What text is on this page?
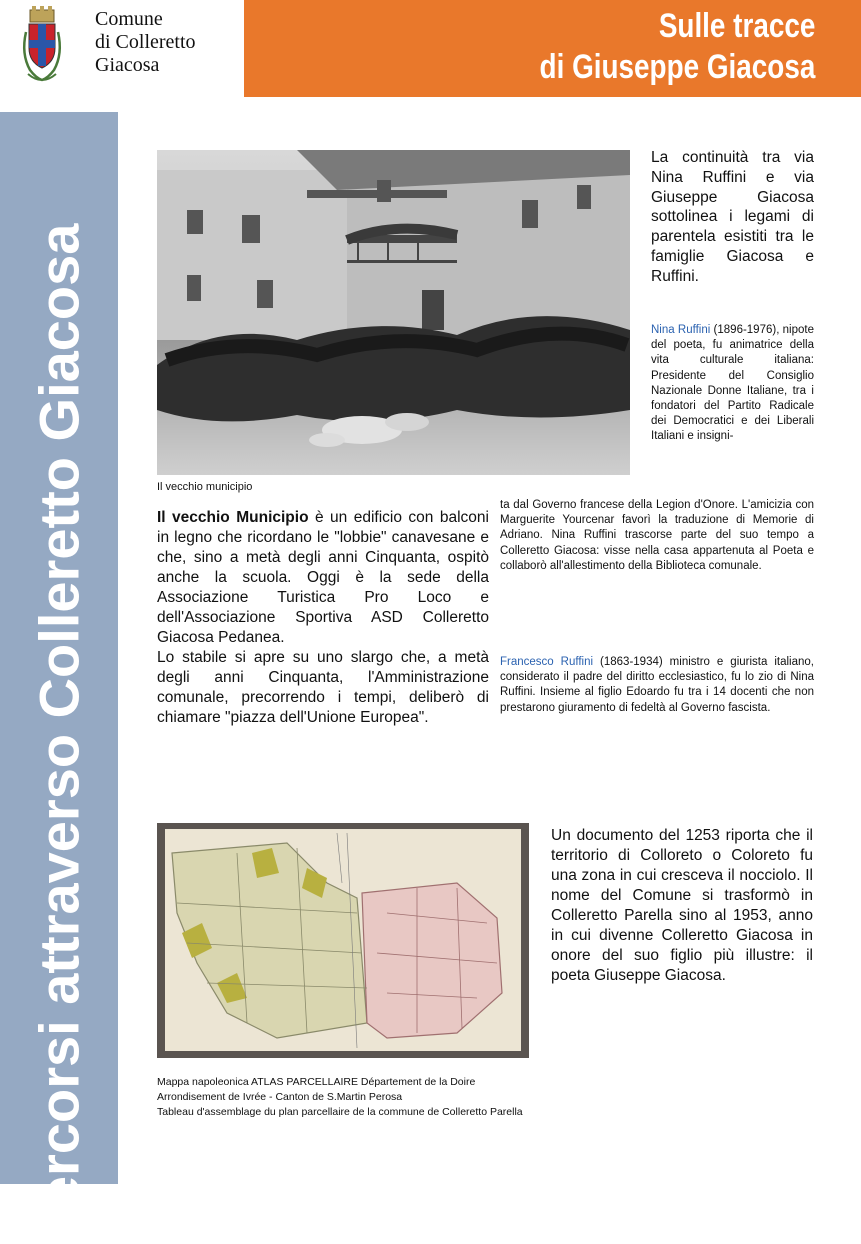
Comune
di Colleretto
Giacosa
Sulle tracce
di Giuseppe Giacosa
Percorsi attraverso Colleretto Giacosa	Il vecchio municipio
La continuità tra via Nina Ruffini e via Giuseppe Giacosa sottolinea i legami di parentela esistiti tra le famiglie Giacosa e Ruffini.
Nina Ruffini (1896-1976), nipote del poeta, fu animatrice della vita culturale italiana: Presidente del Consiglio Nazionale Donne Italiane, tra i fondatori del Partito Radicale dei Democratici e dei Liberali Italiani e insigni-
ta dal Governo francese della Legion d'Onore. L'amicizia con Marguerite Yourcenar favorì la traduzione di Memorie di Adriano. Nina Ruffini trascorse parte del suo tempo a Colleretto Giacosa: visse nella casa appartenuta al Poeta e collaborò all'allestimento della Biblioteca comunale.
Francesco Ruffini (1863-1934) ministro e giurista italiano, considerato il padre del diritto ecclesiastico, fu lo zio di Nina Ruffini. Insieme al figlio Edoardo fu tra i 14 docenti che non prestarono giuramento di fedeltà al Governo fascista.

Il vecchio Municipio è un edificio con balconi in legno che ricordano le "lobbie" canavesane e che, sino a metà degli anni Cinquanta, ospitò anche la scuola. Oggi è la sede della Associazione Turistica Pro Loco e dell'Associazione Sportiva ASD Colleretto Giacosa Pedanea.

Lo stabile si apre su uno slargo che, a metà degli anni Cinquanta, l'Amministrazione comunale, precorrendo i tempi, deliberò di chiamare "piazza dell'Unione Europea".

Un documento del 1253 riporta che il territorio di Colloreto o Coloreto fu una zona in cui cresceva il nocciolo. Il nome del Comune si trasformò in Colleretto Parella sino al 1953, anno in cui divenne Colleretto Giacosa in onore del suo figlio più illustre: il poeta Giuseppe Giacosa.
Mappa napoleonica ATLAS PARCELLAIRE Département de la Doire
Arrondisement de Ivrée - Canton de S.Martin Perosa
Tableau d'assemblage du plan parcellaire de la commune de Colleretto Parella
